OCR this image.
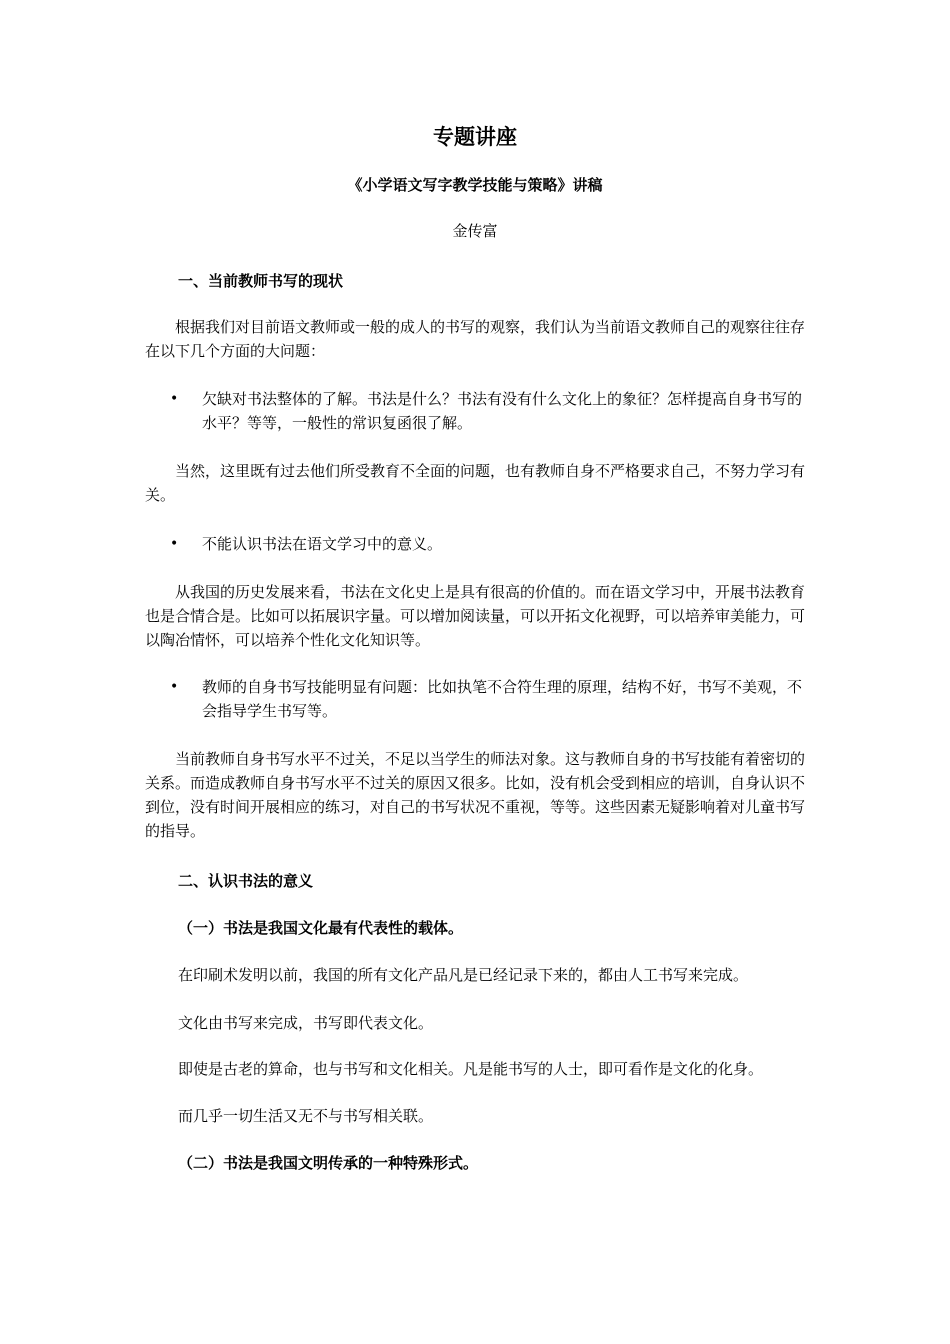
专题讲座
《小学语文写字教学技能与策略》讲稿
金传富
一、当前教师书写的现状

根据我们对目前语文教师或一般的成人的书写的观察，我们认为当前语文教师自己的观察往往存在以下几个方面的大问题：

•	欠缺对书法整体的了解。书法是什么？书法有没有什么文化上的象征？怎样提高自身书写的水平？等等，一般性的常识复函很了解。

当然，这里既有过去他们所受教育不全面的问题，也有教师自身不严格要求自己，不努力学习有关。

•	不能认识书法在语文学习中的意义。

从我国的历史发展来看，书法在文化史上是具有很高的价值的。而在语文学习中，开展书法教育也是合情合是。比如可以拓展识字量。可以增加阅读量，可以开拓文化视野，可以培养审美能力，可以陶冶情怀，可以培养个性化文化知识等。

•	教师的自身书写技能明显有问题：比如执笔不合符生理的原理，结构不好，书写不美观，不会指导学生书写等。

当前教师自身书写水平不过关，不足以当学生的师法对象。这与教师自身的书写技能有着密切的关系。而造成教师自身书写水平不过关的原因又很多。比如，没有机会受到相应的培训，自身认识不到位，没有时间开展相应的练习，对自己的书写状况不重视，等等。这些因素无疑影响着对儿童书写的指导。

二、认识书法的意义
（一）书法是我国文化最有代表性的载体。
在印刷术发明以前，我国的所有文化产品凡是已经记录下来的，都由人工书写来完成。
文化由书写来完成，书写即代表文化。
即使是古老的算命，也与书写和文化相关。凡是能书写的人士，即可看作是文化的化身。
而几乎一切生活又无不与书写相关联。
（二）书法是我国文明传承的一种特殊形式。
